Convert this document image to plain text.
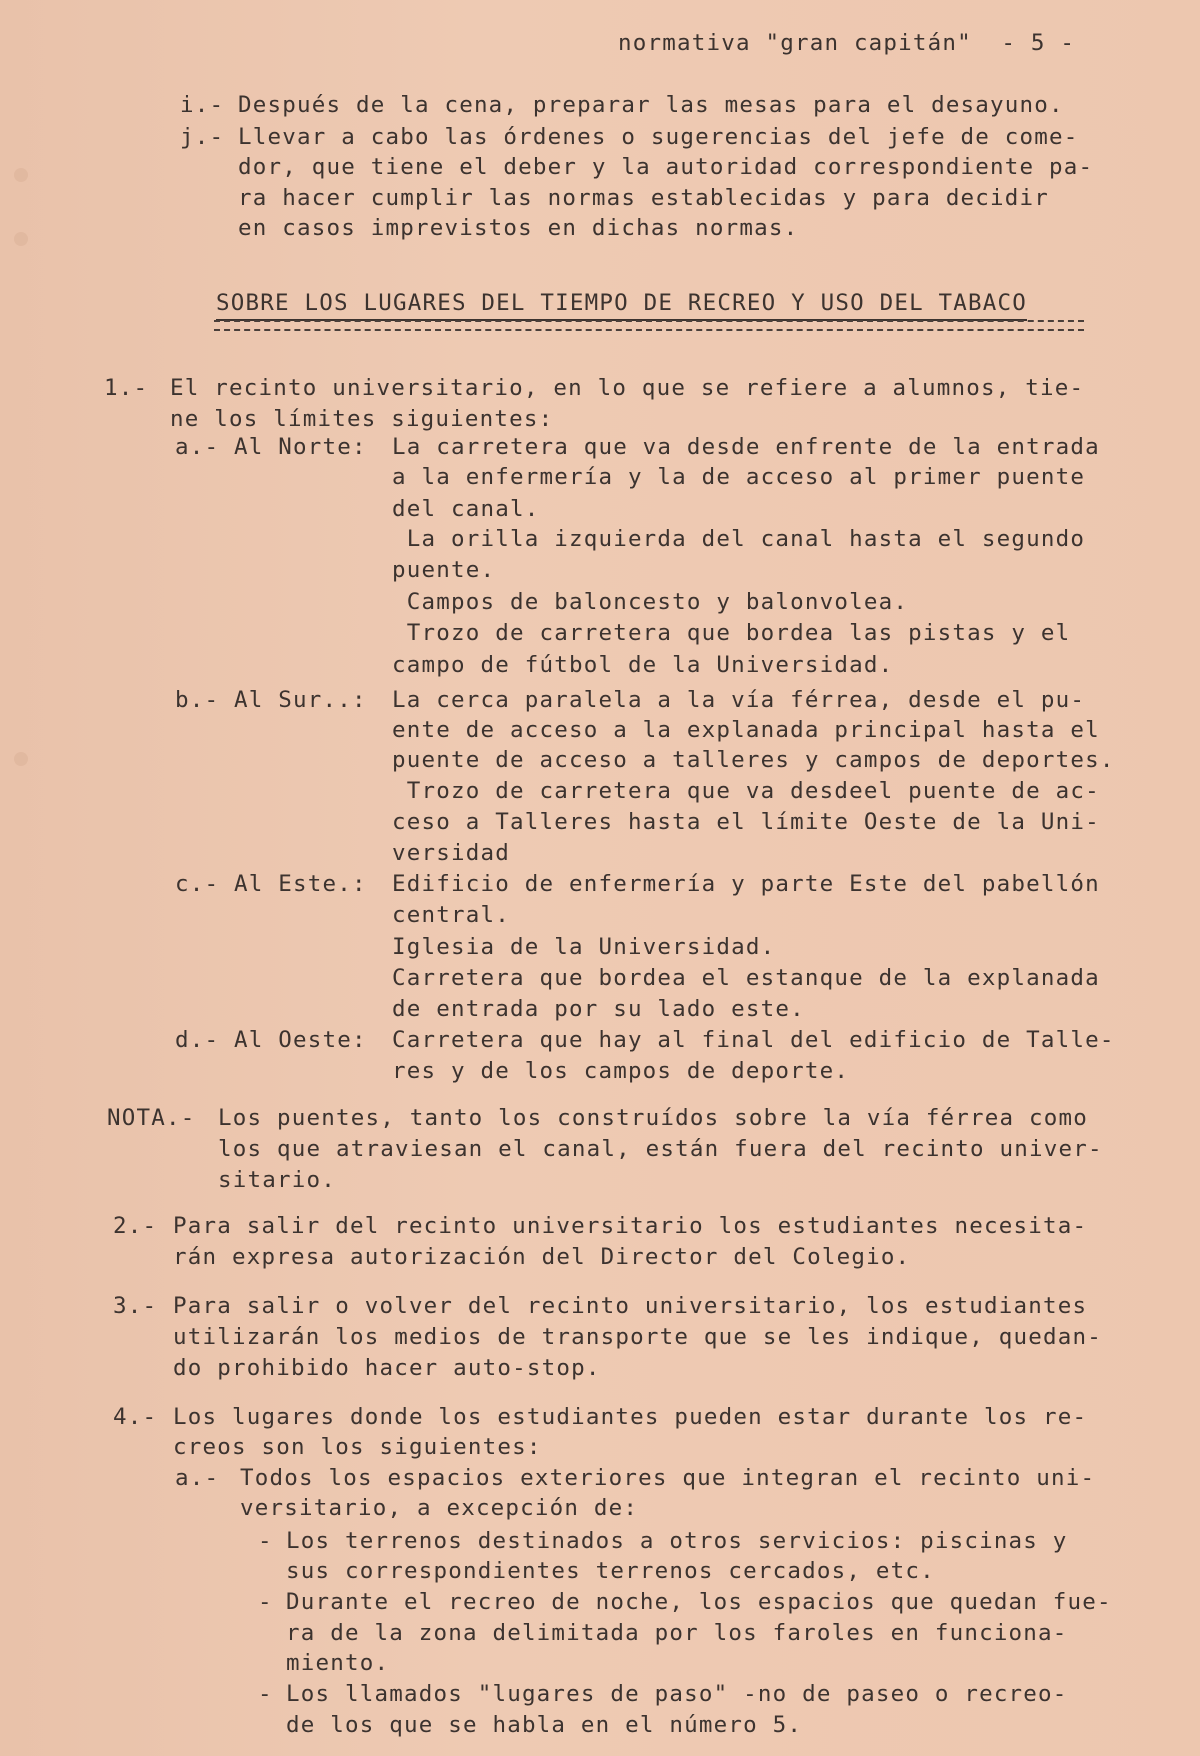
normativa "gran capitán"  - 5 -
i.- Después de la cena, preparar las mesas para el desayuno.
j.- Llevar a cabo las órdenes o sugerencias del jefe de come-
dor, que tiene el deber y la autoridad correspondiente pa-
ra hacer cumplir las normas establecidas y para decidir
en casos imprevistos en dichas normas.
SOBRE LOS LUGARES DEL TIEMPO DE RECREO Y USO DEL TABACO
1.- El recinto universitario, en lo que se refiere a alumnos, tie-
ne los límites siguientes:
a.- Al Norte: La carretera que va desde enfrente de la entrada
a la enfermería y la de acceso al primer puente
del canal.
La orilla izquierda del canal hasta el segundo
puente.
Campos de baloncesto y balonvolea.
Trozo de carretera que bordea las pistas y el
campo de fútbol de la Universidad.
b.- Al Sur..: La cerca paralela a la vía férrea, desde el pu-
ente de acceso a la explanada principal hasta el
puente de acceso a talleres y campos de deportes.
Trozo de carretera que va desdeel puente de ac-
ceso a Talleres hasta el límite Oeste de la Uni-
versidad
c.- Al Este.: Edificio de enfermería y parte Este del pabellón
central.
Iglesia de la Universidad.
Carretera que bordea el estanque de la explanada
de entrada por su lado este.
d.- Al Oeste: Carretera que hay al final del edificio de Talle-
res y de los campos de deporte.
NOTA.- Los puentes, tanto los construídos sobre la vía férrea como
los que atraviesan el canal, están fuera del recinto univer-
sitario.
2.- Para salir del recinto universitario los estudiantes necesita-
rán expresa autorización del Director del Colegio.
3.- Para salir o volver del recinto universitario, los estudiantes
utilizarán los medios de transporte que se les indique, quedan-
do prohibido hacer auto-stop.
4.- Los lugares donde los estudiantes pueden estar durante los re-
creos son los siguientes:
a.- Todos los espacios exteriores que integran el recinto uni-
versitario, a excepción de:
- Los terrenos destinados a otros servicios: piscinas y
sus correspondientes terrenos cercados, etc.
- Durante el recreo de noche, los espacios que quedan fue-
ra de la zona delimitada por los faroles en funciona-
miento.
- Los llamados "lugares de paso" -no de paseo o recreo-
de los que se habla en el número 5.
